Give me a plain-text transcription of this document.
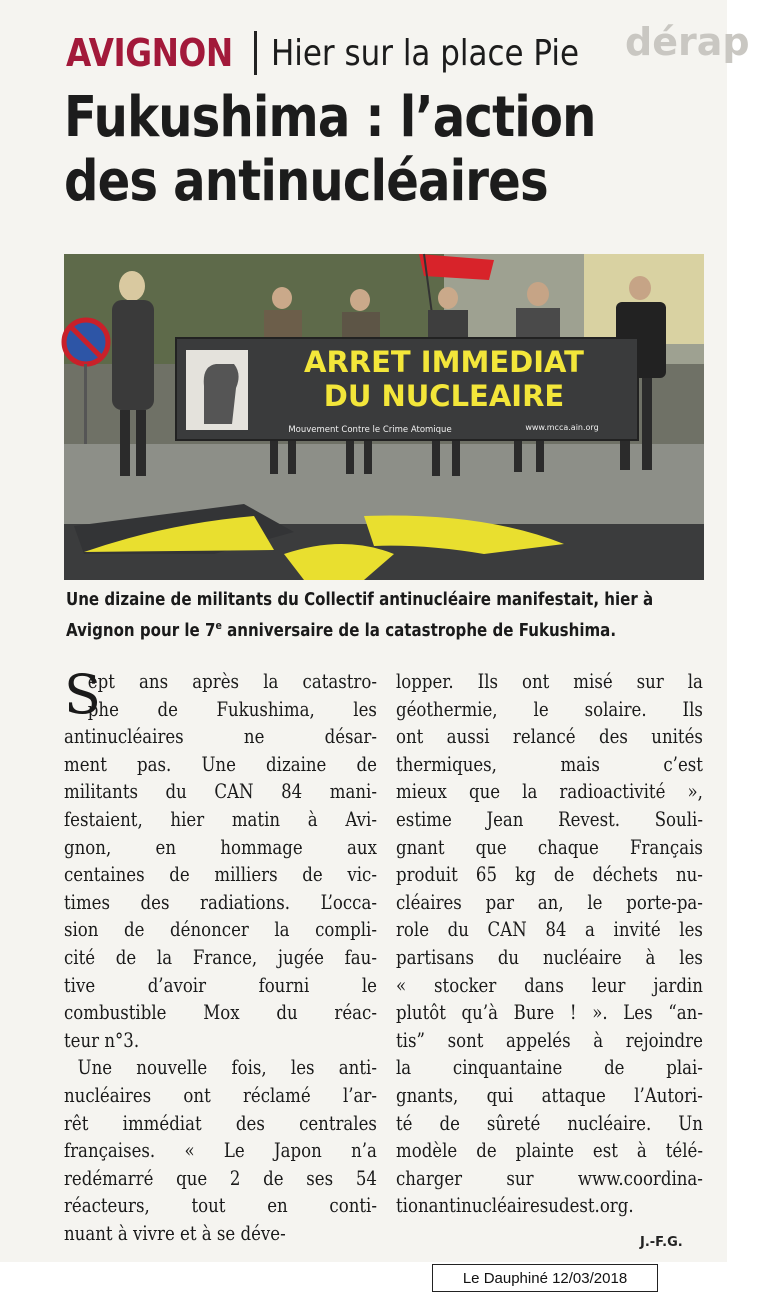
dérap
AVIGNON Hier sur la place Pie
Fukushima : l’action
des antinucléaires
ARRET IMMEDIAT
DU NUCLEAIRE
Mouvement Contre le Crime Atomique	www.mcca.ain.org
Une dizaine de militants du Collectif antinucléaire manifestait, hier à
Avignon pour le 7e anniversaire de la catastrophe de Fukushima.
S
ept ans après la catastro-
phe de Fukushima, les
antinucléaires ne désar-
ment pas. Une dizaine de
militants du CAN 84 mani-
festaient, hier matin à Avi-
gnon, en hommage aux
centaines de milliers de vic-
times des radiations. L’occa-
sion de dénoncer la compli-
cité de la France, jugée fau-
tive d’avoir fourni le
combustible Mox du réac-
teur n°3.
Une nouvelle fois, les anti-
nucléaires ont réclamé l’ar-
rêt immédiat des centrales
françaises. « Le Japon n’a
redémarré que 2 de ses 54
réacteurs, tout en conti-
nuant à vivre et à se déve-
lopper. Ils ont misé sur la
géothermie, le solaire. Ils
ont aussi relancé des unités
thermiques, mais c’est
mieux que la radioactivité »,
estime Jean Revest. Souli-
gnant que chaque Français
produit 65 kg de déchets nu-
cléaires par an, le porte-pa-
role du CAN 84 a invité les
partisans du nucléaire à les
« stocker dans leur jardin
plutôt qu’à Bure ! ». Les “an-
tis” sont appelés à rejoindre
la cinquantaine de plai-
gnants, qui attaque l’Autori-
té de sûreté nucléaire. Un
modèle de plainte est à télé-
charger sur www.coordina-
tionantinucléairesudest.org.
J.-F.G.
Le Dauphiné 12/03/2018
